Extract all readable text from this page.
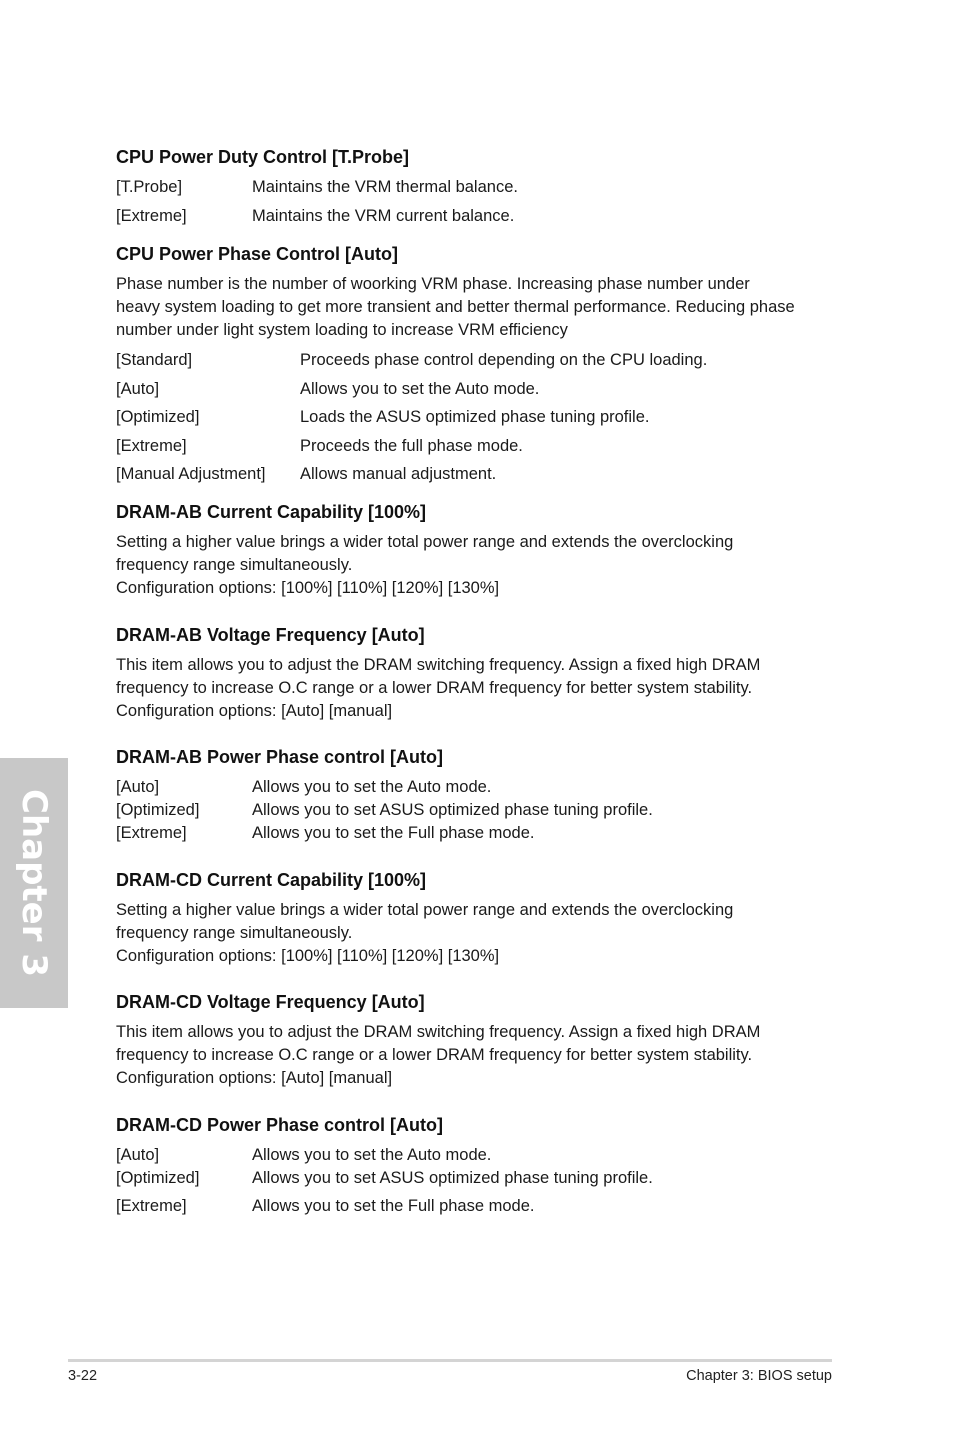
CPU Power Duty Control [T.Probe]
[T.Probe]	Maintains the VRM thermal balance.
[Extreme]	Maintains the VRM current balance.
CPU Power Phase Control [Auto]
Phase number is the number of woorking VRM phase. Increasing phase number under
heavy system loading to get more transient and better thermal performance. Reducing phase
number under light system loading to increase VRM efficiency
[Standard]	Proceeds phase control depending on the CPU loading.
[Auto]	Allows you to set the Auto mode.
[Optimized]	Loads the ASUS optimized phase tuning profile.
[Extreme]	Proceeds the full phase mode.
[Manual Adjustment] Allows manual adjustment.
DRAM-AB Current Capability [100%]
Setting a higher value brings a wider total power range and extends the overclocking
frequency range simultaneously.
Configuration options: [100%] [110%] [120%] [130%]
DRAM-AB Voltage Frequency [Auto]
This item allows you to adjust the DRAM switching frequency. Assign a fixed high DRAM
frequency to increase O.C range or a lower DRAM frequency for better system stability.
Configuration options: [Auto] [manual]
DRAM-AB Power Phase control [Auto]
[Auto]	Allows you to set the Auto mode.
[Optimized]	Allows you to set ASUS optimized phase tuning profile.
[Extreme]	Allows you to set the Full phase mode.
DRAM-CD Current Capability [100%]
Setting a higher value brings a wider total power range and extends the overclocking
frequency range simultaneously.
Configuration options: [100%] [110%] [120%] [130%]
DRAM-CD Voltage Frequency [Auto]
This item allows you to adjust the DRAM switching frequency. Assign a fixed high DRAM
frequency to increase O.C range or a lower DRAM frequency for better system stability.
Configuration options: [Auto] [manual]
DRAM-CD Power Phase control [Auto]
[Auto]	Allows you to set the Auto mode.
[Optimized]	Allows you to set ASUS optimized phase tuning profile.
[Extreme]	Allows you to set the Full phase mode.
Chapter 3
3-22	Chapter 3: BIOS setup
